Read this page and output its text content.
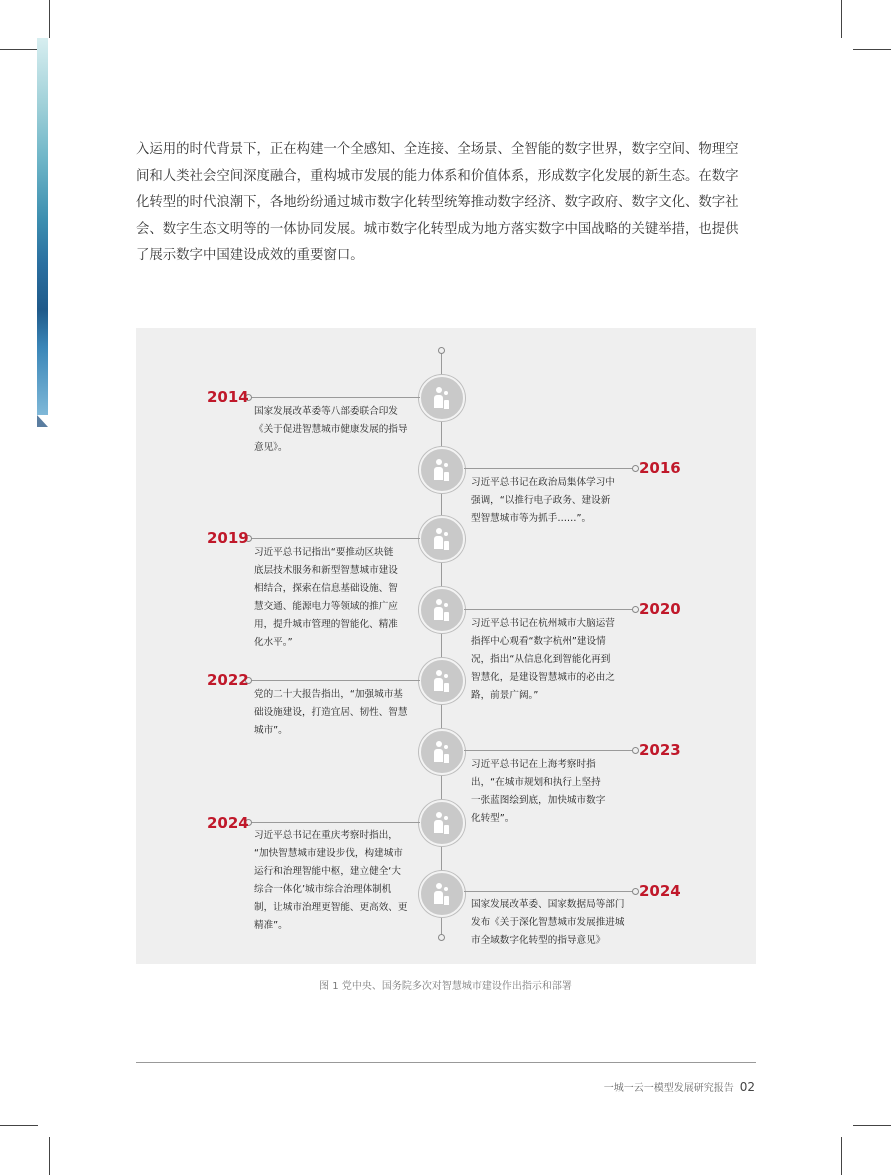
入运用的时代背景下，正在构建一个全感知、全连接、全场景、全智能的数字世界，数字空间、物理空
间和人类社会空间深度融合，重构城市发展的能力体系和价值体系，形成数字化发展的新生态。在数字
化转型的时代浪潮下，各地纷纷通过城市数字化转型统筹推动数字经济、数字政府、数字文化、数字社
会、数字生态文明等的一体协同发展。城市数字化转型成为地方落实数字中国战略的关键举措，也提供
了展示数字中国建设成效的重要窗口。
2014
2016
2019
2020
2022
2023
2024
2024
国家发展改革委等八部委联合印发
《关于促进智慧城市健康发展的指导
意见》。
习近平总书记在政治局集体学习中
强调，“以推行电子政务、建设新
型智慧城市等为抓手……”。
习近平总书记指出“要推动区块链
底层技术服务和新型智慧城市建设
相结合，探索在信息基础设施、智
慧交通、能源电力等领域的推广应
用，提升城市管理的智能化、精准
化水平。”
习近平总书记在杭州城市大脑运营
指挥中心观看“数字杭州”建设情
况，指出“从信息化到智能化再到
智慧化，是建设智慧城市的必由之
路，前景广阔。”
党的二十大报告指出，“加强城市基
础设施建设，打造宜居、韧性、智慧
城市”。
习近平总书记在上海考察时指
出，“在城市规划和执行上坚持
一张蓝图绘到底，加快城市数字
化转型”。
习近平总书记在重庆考察时指出，
“加快智慧城市建设步伐，构建城市
运行和治理智能中枢，建立健全‘大
综合一体化’城市综合治理体制机
制，让城市治理更智能、更高效、更
精准”。
国家发展改革委、国家数据局等部门
发布《关于深化智慧城市发展推进城
市全域数字化转型的指导意见》
图 1 党中央、国务院多次对智慧城市建设作出指示和部署
一城一云一模型发展研究报告 02
